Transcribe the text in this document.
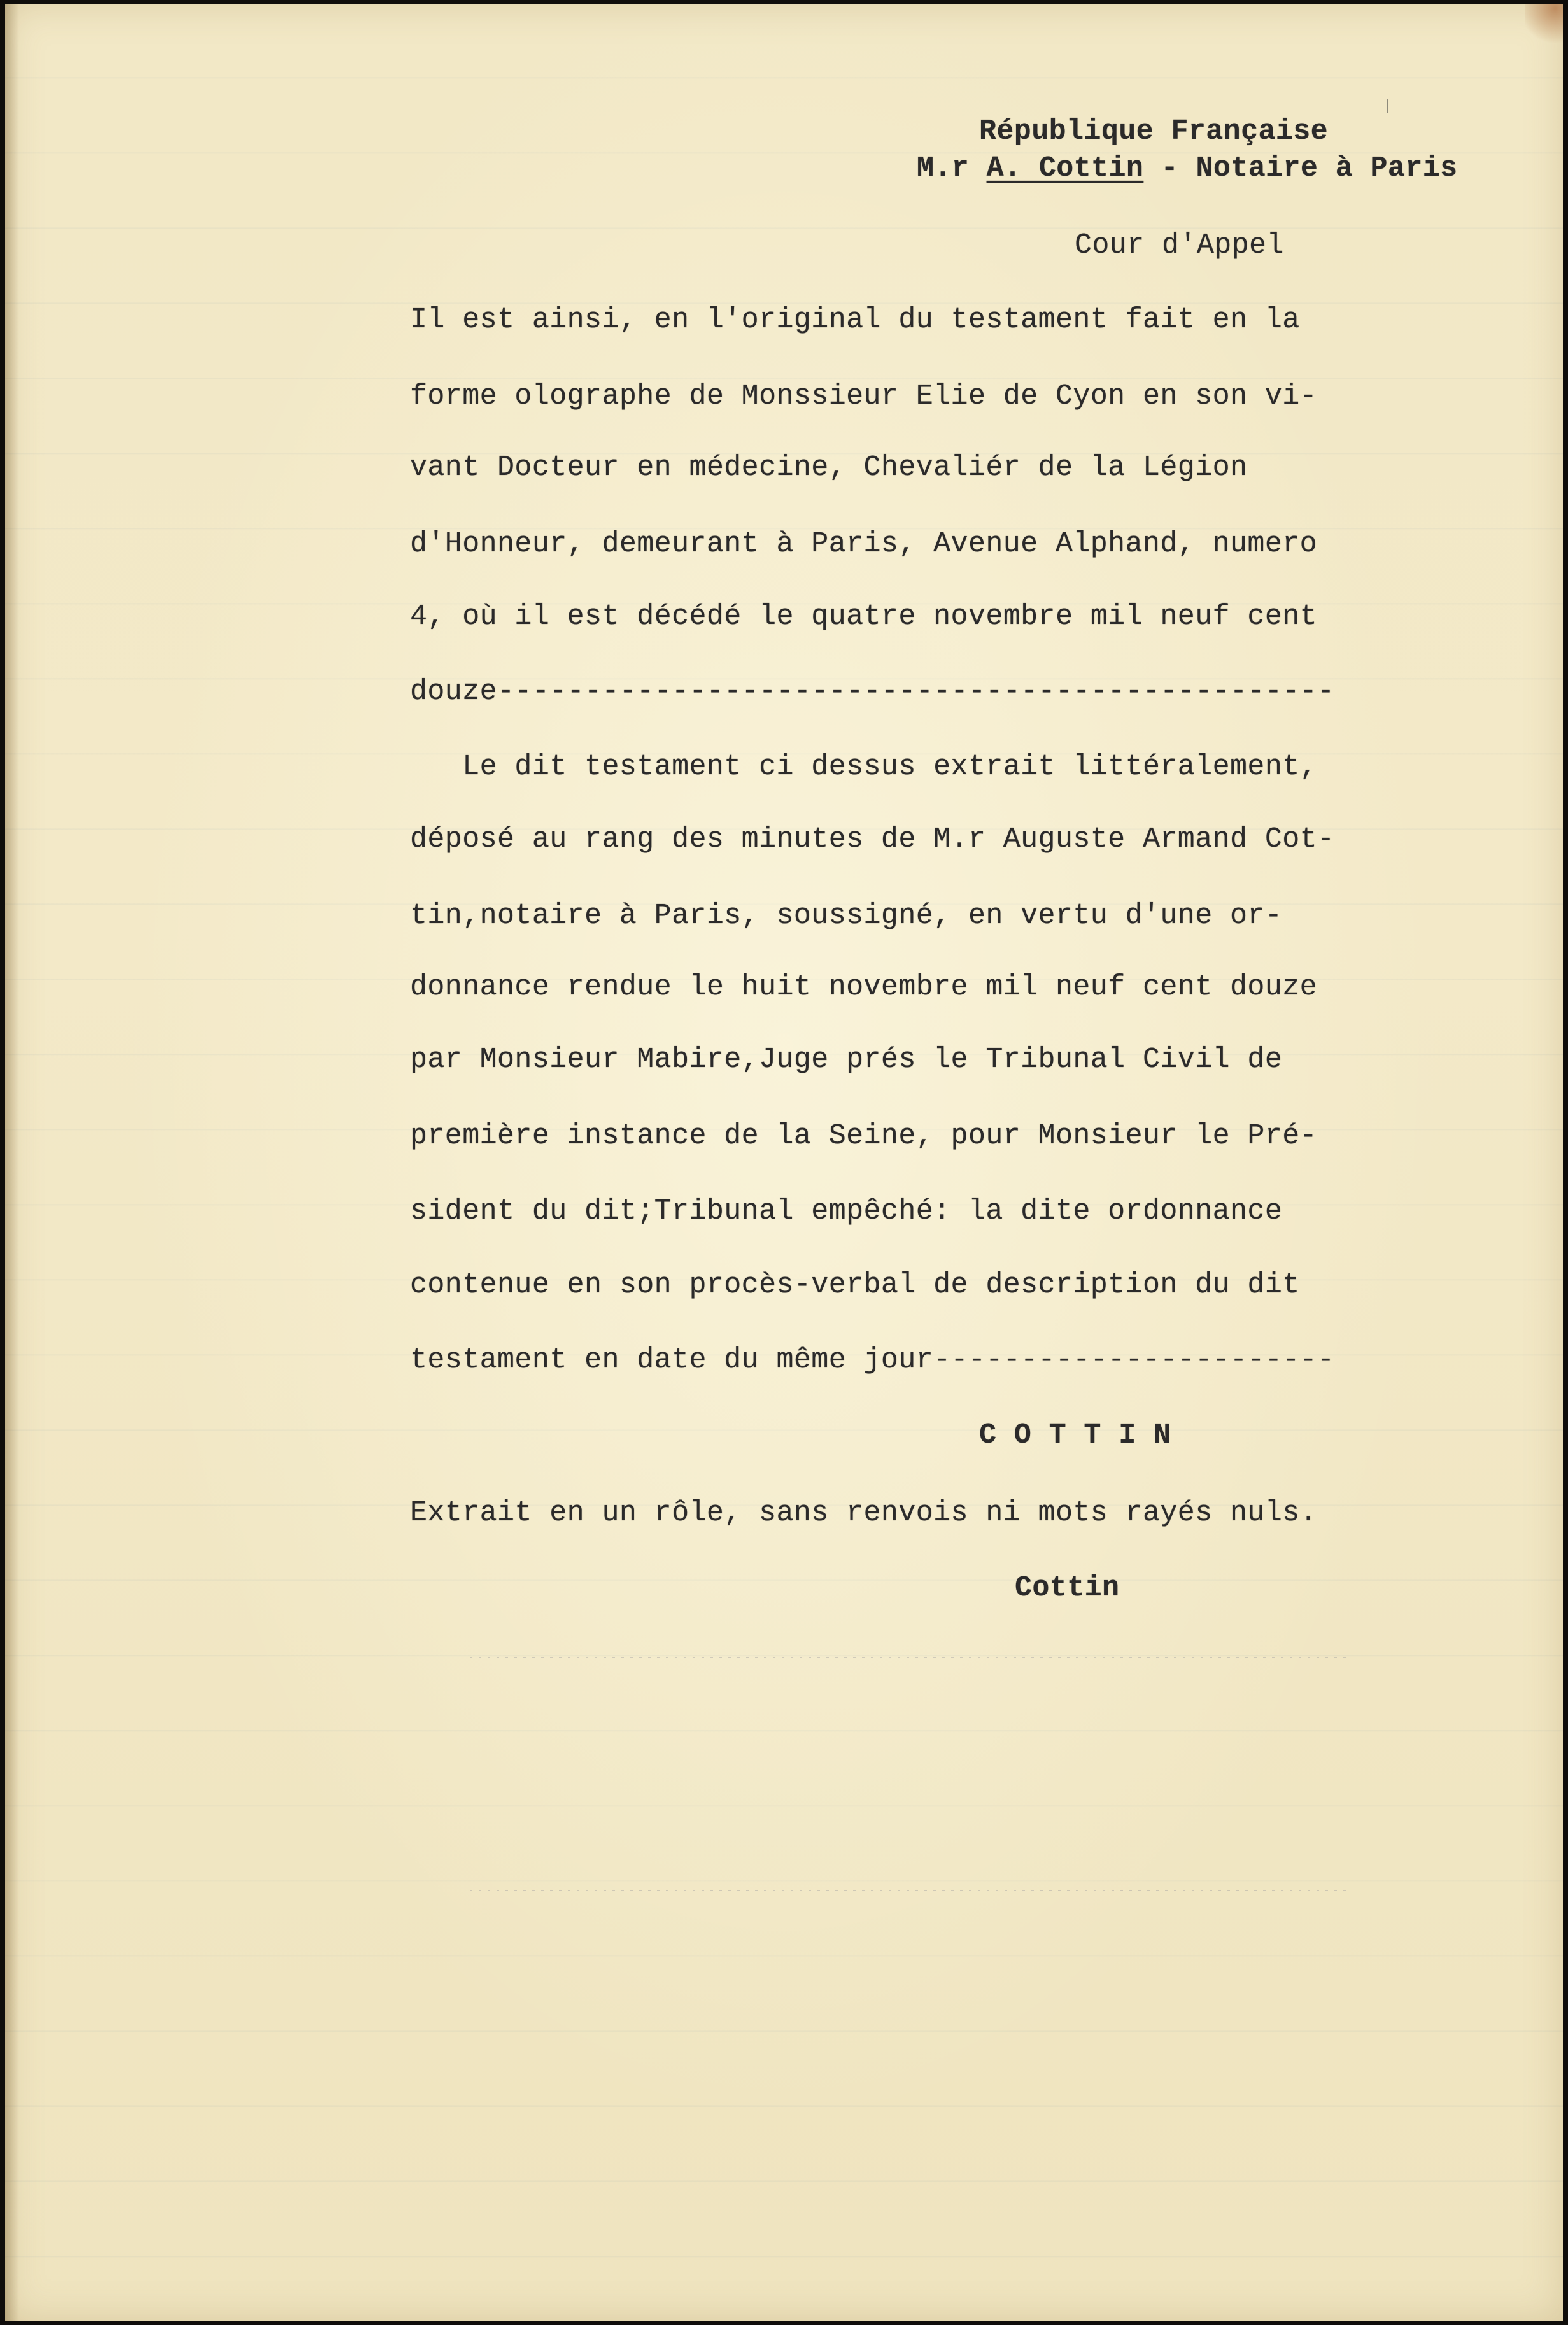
République Française
M.r A. Cottin - Notaire à Paris
Cour d'Appel
Il est ainsi, en l'original du testament fait en la
forme olographe de Monssieur Elie de Cyon en son vi-
vant Docteur en médecine, Chevaliér de la Légion
d'Honneur, demeurant à Paris, Avenue Alphand, numero
4, où il est décédé le quatre novembre mil neuf cent
douze------------------------------------------------
Le dit testament ci dessus extrait littéralement,
déposé au rang des minutes de M.r Auguste Armand Cot-
tin,notaire à Paris, soussigné, en vertu d'une or-
donnance rendue le huit novembre mil neuf cent douze
par Monsieur Mabire,Juge prés le Tribunal Civil de
première instance de la Seine, pour Monsieur le Pré-
sident du dit;Tribunal empêché: la dite ordonnance
contenue en son procès-verbal de description du dit
testament en date du même jour-----------------------
C O T T I N
Extrait en un rôle, sans renvois ni mots rayés nuls.
Cottin
